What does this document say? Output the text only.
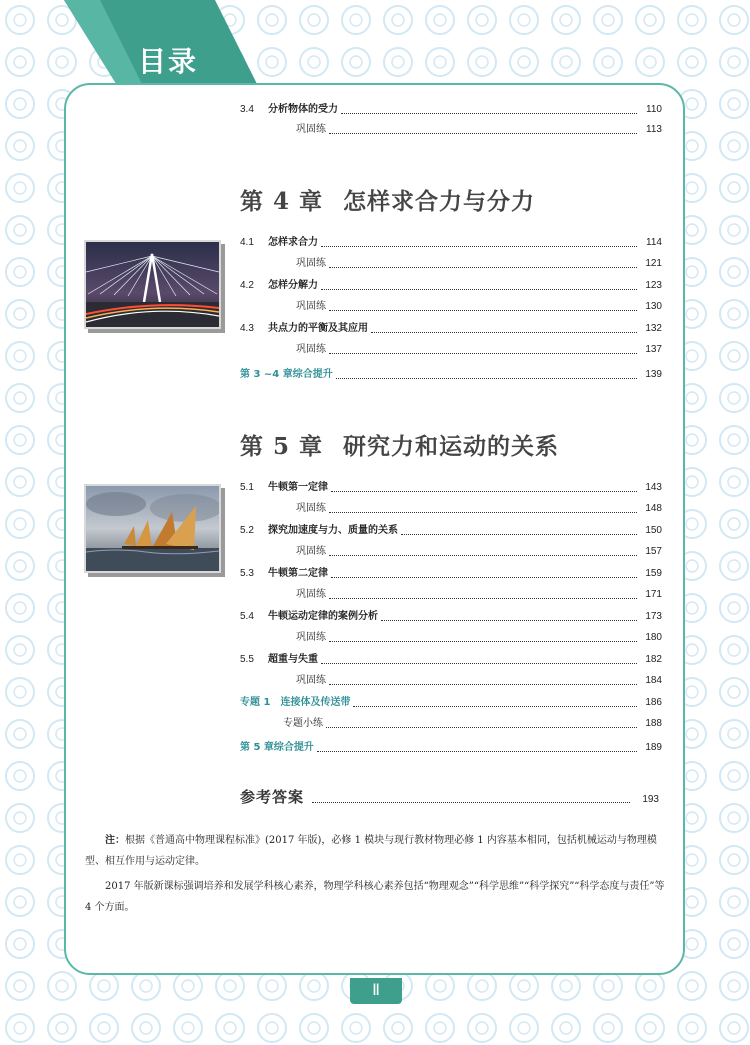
目录
3.4	分析物体的受力	110
巩固练	113
第 4 章 怎样求合力与分力
4.1	怎样求合力	114
巩固练	121
4.2	怎样分解力	123
巩固练	130
4.3	共点力的平衡及其应用	132
巩固练	137
第 3 ~4 章综合提升	139
第 5 章 研究力和运动的关系
5.1	牛顿第一定律	143
巩固练	148
5.2	探究加速度与力、质量的关系	150
巩固练	157
5.3	牛顿第二定律	159
巩固练	171
5.4	牛顿运动定律的案例分析	173
巩固练	180
5.5	超重与失重	182
巩固练	184
专题 1　连接体及传送带	186
专题小练	188
第 5 章综合提升	189
参考答案	193

注：根据《普通高中物理课程标准》(2017 年版)，必修 1 模块与现行教材物理必修 1 内容基本相同，包括机械运动与物理模型、相互作用与运动定律。

2017 年版新课标强调培养和发展学科核心素养，物理学科核心素养包括“物理观念”“科学思维”“科学探究”“科学态度与责任”等 4 个方面。

Ⅱ
